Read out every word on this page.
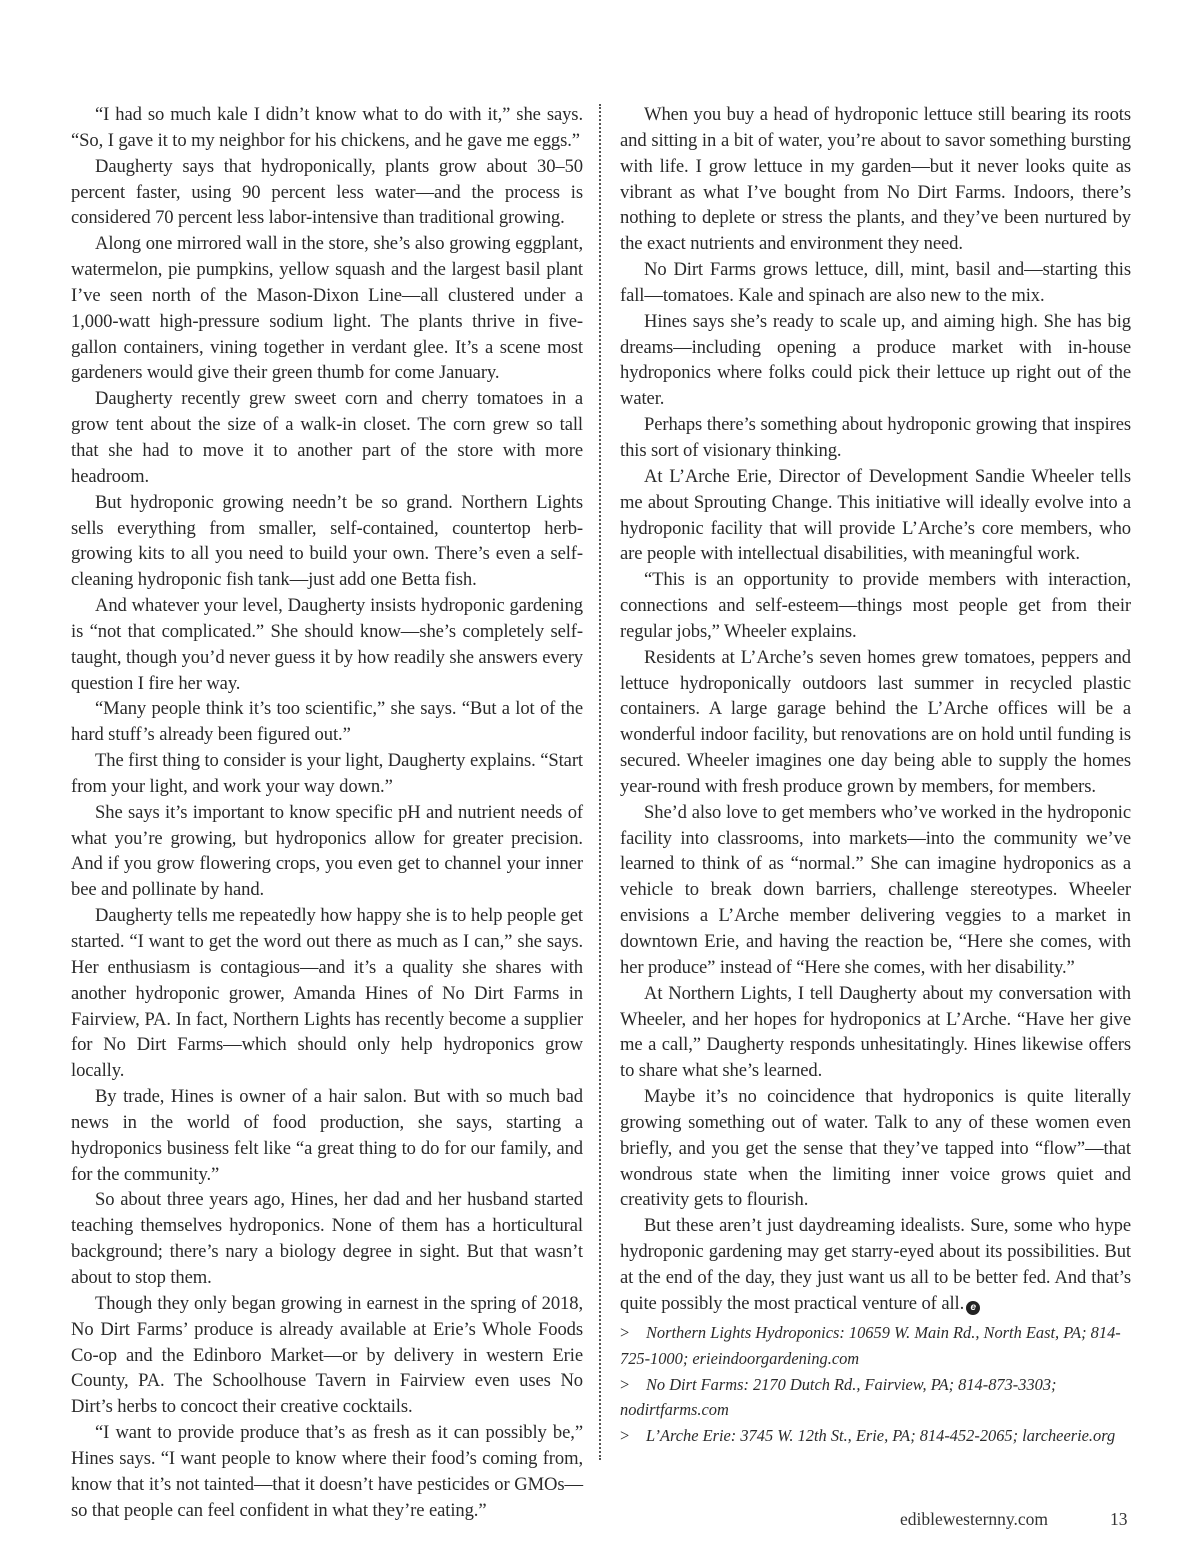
“I had so much kale I didn’t know what to do with it,” she says. “So, I gave it to my neighbor for his chickens, and he gave me eggs.”

Daugherty says that hydroponically, plants grow about 30–50 percent faster, using 90 percent less water—and the process is considered 70 percent less labor-intensive than traditional growing.

Along one mirrored wall in the store, she’s also growing eggplant, watermelon, pie pumpkins, yellow squash and the largest basil plant I’ve seen north of the Mason-Dixon Line—all clustered under a 1,000-watt high-pressure sodium light. The plants thrive in five-gallon containers, vining together in verdant glee. It’s a scene most gardeners would give their green thumb for come January.

Daugherty recently grew sweet corn and cherry tomatoes in a grow tent about the size of a walk-in closet. The corn grew so tall that she had to move it to another part of the store with more headroom.

But hydroponic growing needn’t be so grand. Northern Lights sells everything from smaller, self-contained, countertop herb-growing kits to all you need to build your own. There’s even a self-cleaning hydroponic fish tank—just add one Betta fish.

And whatever your level, Daugherty insists hydroponic gardening is “not that complicated.” She should know—she’s completely self-taught, though you’d never guess it by how readily she answers every question I fire her way.

“Many people think it’s too scientific,” she says. “But a lot of the hard stuff’s already been figured out.”

The first thing to consider is your light, Daugherty explains. “Start from your light, and work your way down.”

She says it’s important to know specific pH and nutrient needs of what you’re growing, but hydroponics allow for greater precision. And if you grow flowering crops, you even get to channel your inner bee and pollinate by hand.

Daugherty tells me repeatedly how happy she is to help people get started. “I want to get the word out there as much as I can,” she says. Her enthusiasm is contagious—and it’s a quality she shares with another hydroponic grower, Amanda Hines of No Dirt Farms in Fairview, PA. In fact, Northern Lights has recently become a supplier for No Dirt Farms—which should only help hydroponics grow locally.

By trade, Hines is owner of a hair salon. But with so much bad news in the world of food production, she says, starting a hydroponics business felt like “a great thing to do for our family, and for the community.”

So about three years ago, Hines, her dad and her husband started teaching themselves hydroponics. None of them has a horticultural background; there’s nary a biology degree in sight. But that wasn’t about to stop them.

Though they only began growing in earnest in the spring of 2018, No Dirt Farms’ produce is already available at Erie’s Whole Foods Co-op and the Edinboro Market—or by delivery in western Erie County, PA. The Schoolhouse Tavern in Fairview even uses No Dirt’s herbs to concoct their creative cocktails.

“I want to provide produce that’s as fresh as it can possibly be,” Hines says. “I want people to know where their food’s coming from, know that it’s not tainted—that it doesn’t have pesticides or GMOs—so that people can feel confident in what they’re eating.”

When you buy a head of hydroponic lettuce still bearing its roots and sitting in a bit of water, you’re about to savor something bursting with life. I grow lettuce in my garden—but it never looks quite as vibrant as what I’ve bought from No Dirt Farms. Indoors, there’s nothing to deplete or stress the plants, and they’ve been nurtured by the exact nutrients and environment they need.

No Dirt Farms grows lettuce, dill, mint, basil and—starting this fall—tomatoes. Kale and spinach are also new to the mix.

Hines says she’s ready to scale up, and aiming high. She has big dreams—including opening a produce market with in-house hydroponics where folks could pick their lettuce up right out of the water.

Perhaps there’s something about hydroponic growing that inspires this sort of visionary thinking.

At L’Arche Erie, Director of Development Sandie Wheeler tells me about Sprouting Change. This initiative will ideally evolve into a hydroponic facility that will provide L’Arche’s core members, who are people with intellectual disabilities, with meaningful work.

“This is an opportunity to provide members with interaction, connections and self-esteem—things most people get from their regular jobs,” Wheeler explains.

Residents at L’Arche’s seven homes grew tomatoes, peppers and lettuce hydroponically outdoors last summer in recycled plastic containers. A large garage behind the L’Arche offices will be a wonderful indoor facility, but renovations are on hold until funding is secured. Wheeler imagines one day being able to supply the homes year-round with fresh produce grown by members, for members.

She’d also love to get members who’ve worked in the hydroponic facility into classrooms, into markets—into the community we’ve learned to think of as “normal.” She can imagine hydroponics as a vehicle to break down barriers, challenge stereotypes. Wheeler envisions a L’Arche member delivering veggies to a market in downtown Erie, and having the reaction be, “Here she comes, with her produce” instead of “Here she comes, with her disability.”

At Northern Lights, I tell Daugherty about my conversation with Wheeler, and her hopes for hydroponics at L’Arche. “Have her give me a call,” Daugherty responds unhesitatingly. Hines likewise offers to share what she’s learned.

Maybe it’s no coincidence that hydroponics is quite literally growing something out of water. Talk to any of these women even briefly, and you get the sense that they’ve tapped into “flow”—that wondrous state when the limiting inner voice grows quiet and creativity gets to flourish.

But these aren’t just daydreaming idealists. Sure, some who hype hydroponic gardening may get starry-eyed about its possibilities. But at the end of the day, they just want us all to be better fed. And that’s quite possibly the most practical venture of all. e

> Northern Lights Hydroponics: 10659 W. Main Rd., North East, PA; 814-725-1000; erieindoorgardening.com

> No Dirt Farms: 2170 Dutch Rd., Fairview, PA; 814-873-3303; nodirtfarms.com

> L’Arche Erie: 3745 W. 12th St., Erie, PA; 814-452-2065; larcheerie.org

ediblewesternny.com	13
